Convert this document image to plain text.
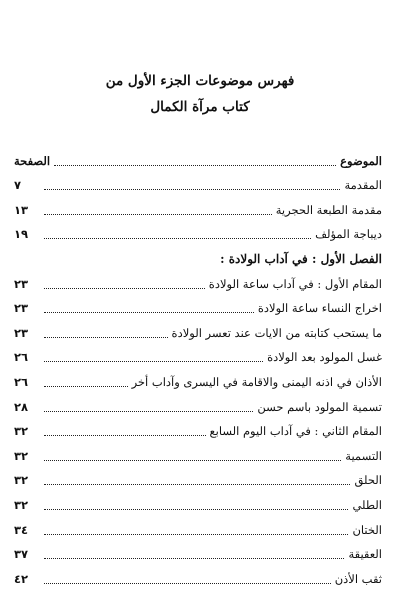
فهرس موضوعات الجزء الأول من
كتاب مرآة الكمال
الموضوع
الصفحة
المقدمة
٧
مقدمة الطبعة الحجرية
١٣
ديباجة المؤلف
١٩
الفصل الأول : في آداب الولادة :
المقام الأول : في آداب ساعة الولادة
٢٣
اخراج النساء ساعة الولادة
٢٣
ما يستحب كتابته من الايات عند تعسر الولادة
٢٣
غسل المولود بعد الولادة
٢٦
الأذان في اذنه اليمنى والاقامة في اليسرى وآداب أخر
٢٦
تسمية المولود باسم حسن
٢٨
المقام الثاني : في آداب اليوم السابع
٣٢
التسمية
٣٢
الحلق
٣٢
الطلي
٣٢
الختان
٣٤
العقيقة
٣٧
ثقب الأذن
٤٢
